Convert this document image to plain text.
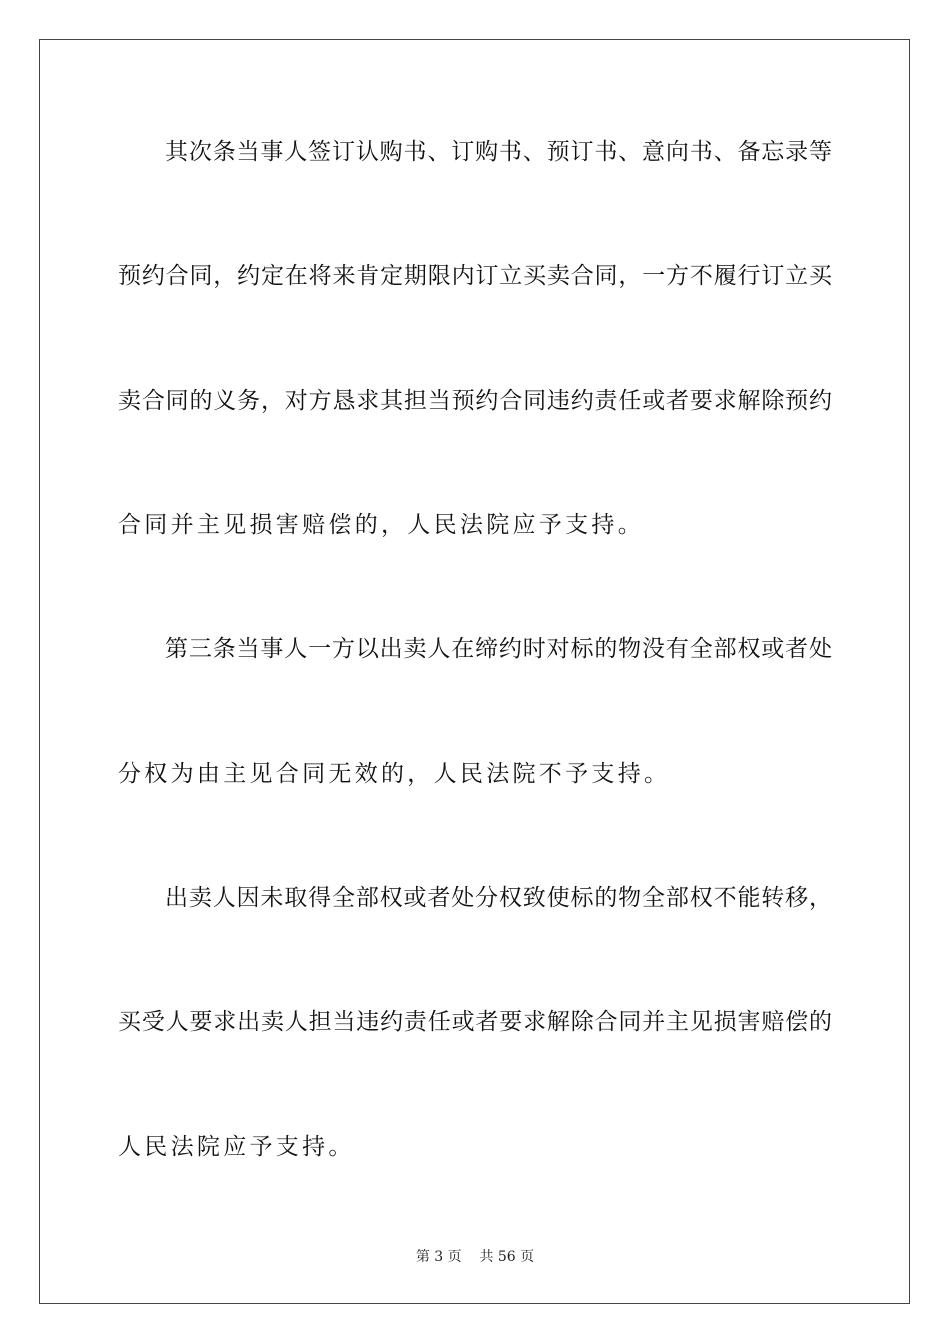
其次条当事人签订认购书、订购书、预订书、意向书、备忘录等
预约合同，约定在将来肯定期限内订立买卖合同，一方不履行订立买
卖合同的义务，对方恳求其担当预约合同违约责任或者要求解除预约
合同并主见损害赔偿的，人民法院应予支持。
第三条当事人一方以出卖人在缔约时对标的物没有全部权或者处
分权为由主见合同无效的，人民法院不予支持。
出卖人因未取得全部权或者处分权致使标的物全部权不能转移，
买受人要求出卖人担当违约责任或者要求解除合同并主见损害赔偿的
人民法院应予支持。
第 3 页 共 56 页
